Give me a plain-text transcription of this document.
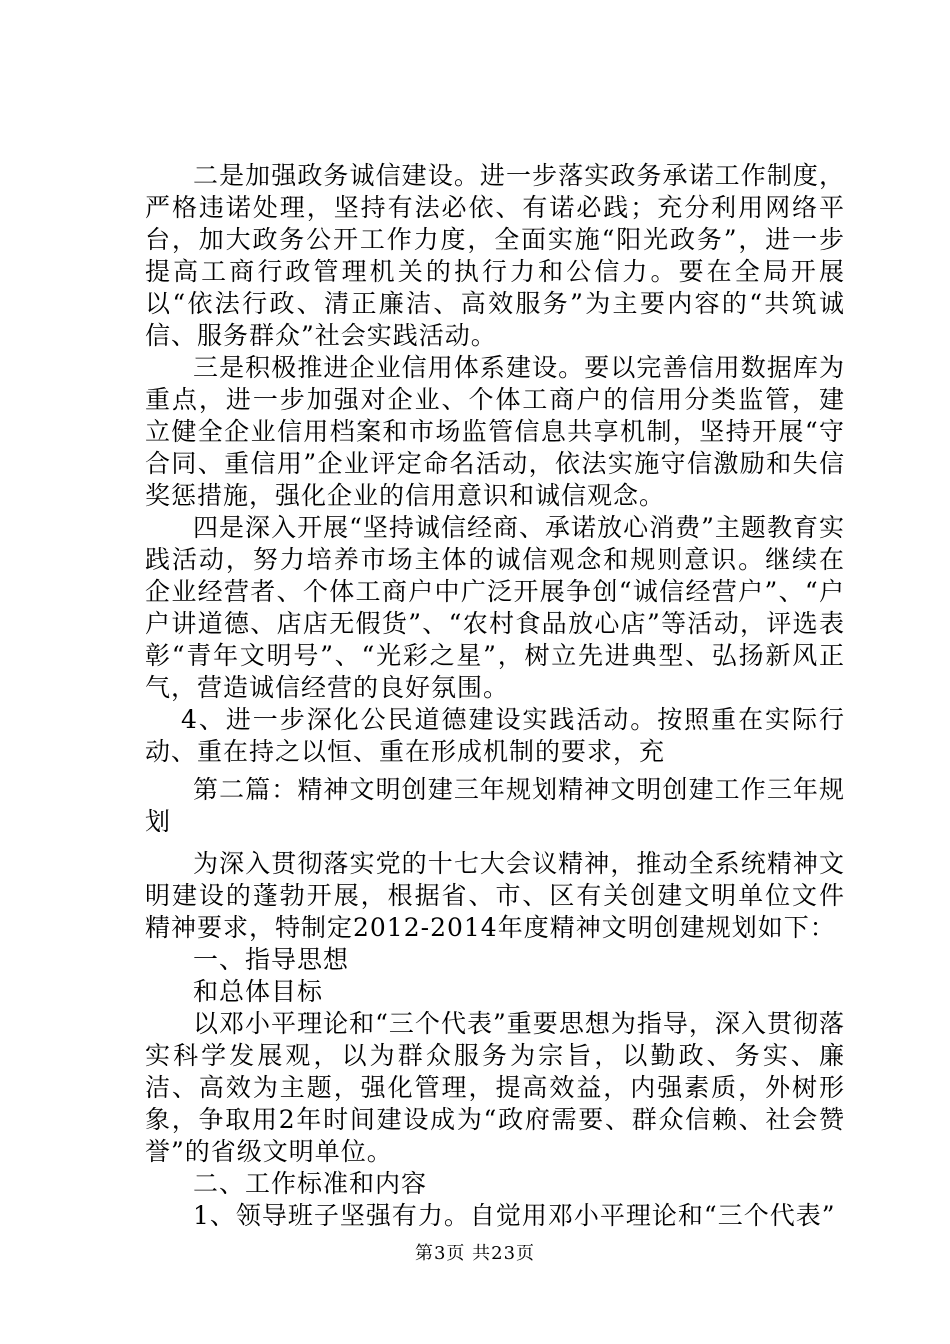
二是加强政务诚信建设。进一步落实政务承诺工作制度，严格违诺处理，坚持有法必依、有诺必践；充分利用网络平台，加大政务公开工作力度，全面实施“阳光政务”，进一步提高工商行政管理机关的执行力和公信力。要在全局开展以“依法行政、清正廉洁、高效服务”为主要内容的“共筑诚信、服务群众”社会实践活动。

三是积极推进企业信用体系建设。要以完善信用数据库为重点，进一步加强对企业、个体工商户的信用分类监管，建立健全企业信用档案和市场监管信息共享机制，坚持开展“守合同、重信用”企业评定命名活动，依法实施守信激励和失信奖惩措施，强化企业的信用意识和诚信观念。

四是深入开展“坚持诚信经商、承诺放心消费”主题教育实践活动，努力培养市场主体的诚信观念和规则意识。继续在企业经营者、个体工商户中广泛开展争创“诚信经营户”、“户户讲道德、店店无假货”、“农村食品放心店”等活动，评选表彰“青年文明号”、“光彩之星”，树立先进典型、弘扬新风正气，营造诚信经营的良好氛围。

4、进一步深化公民道德建设实践活动。按照重在实际行动、重在持之以恒、重在形成机制的要求，充

第二篇：精神文明创建三年规划精神文明创建工作三年规划

为深入贯彻落实党的十七大会议精神，推动全系统精神文明建设的蓬勃开展，根据省、市、区有关创建文明单位文件精神要求，特制定2012-2014年度精神文明创建规划如下：

一、指导思想

和总体目标

以邓小平理论和“三个代表”重要思想为指导，深入贯彻落实科学发展观，以为群众服务为宗旨，以勤政、务实、廉洁、高效为主题，强化管理，提高效益，内强素质，外树形象，争取用2年时间建设成为“政府需要、群众信赖、社会赞誉”的省级文明单位。

二、工作标准和内容

1、领导班子坚强有力。自觉用邓小平理论和“三个代表”

第3页 共23页
